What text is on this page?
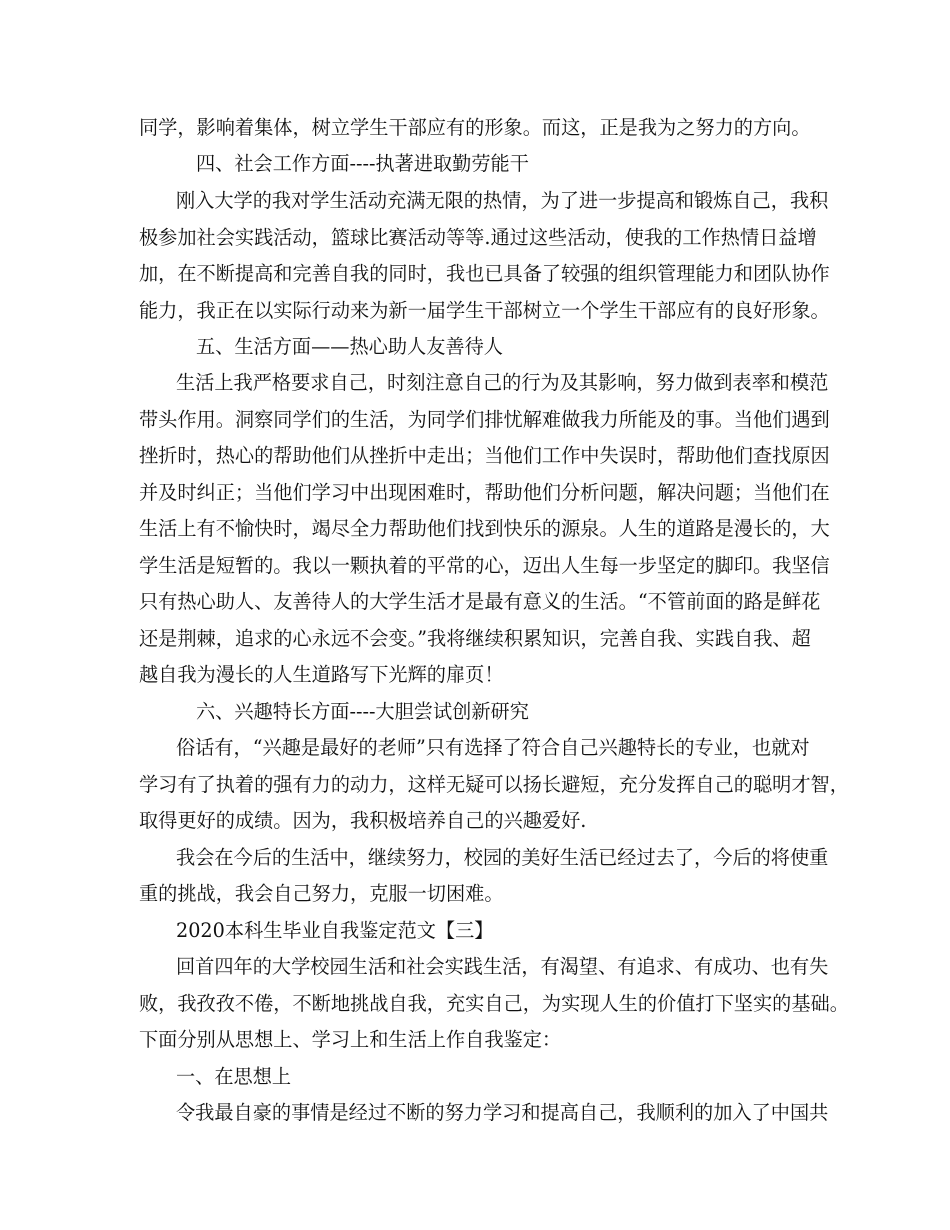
同学，影响着集体，树立学生干部应有的形象。而这，正是我为之努力的方向。
四、社会工作方面----执著进取勤劳能干
刚入大学的我对学生活动充满无限的热情，为了进一步提高和锻炼自己，我积
极参加社会实践活动，篮球比赛活动等等.通过这些活动，使我的工作热情日益增
加，在不断提高和完善自我的同时，我也已具备了较强的组织管理能力和团队协作
能力，我正在以实际行动来为新一届学生干部树立一个学生干部应有的良好形象。
五、生活方面——热心助人友善待人
生活上我严格要求自己，时刻注意自己的行为及其影响，努力做到表率和模范
带头作用。洞察同学们的生活，为同学们排忧解难做我力所能及的事。当他们遇到
挫折时，热心的帮助他们从挫折中走出；当他们工作中失误时，帮助他们查找原因
并及时纠正；当他们学习中出现困难时，帮助他们分析问题，解决问题；当他们在
生活上有不愉快时，竭尽全力帮助他们找到快乐的源泉。人生的道路是漫长的，大
学生活是短暂的。我以一颗执着的平常的心，迈出人生每一步坚定的脚印。我坚信
只有热心助人、友善待人的大学生活才是最有意义的生活。“不管前面的路是鲜花
还是荆棘，追求的心永远不会变。”我将继续积累知识，完善自我、实践自我、超
越自我为漫长的人生道路写下光辉的扉页！
六、兴趣特长方面----大胆尝试创新研究
俗话有，“兴趣是最好的老师”只有选择了符合自己兴趣特长的专业，也就对
学习有了执着的强有力的动力，这样无疑可以扬长避短，充分发挥自己的聪明才智，
取得更好的成绩。因为，我积极培养自己的兴趣爱好.
我会在今后的生活中，继续努力，校园的美好生活已经过去了，今后的将使重
重的挑战，我会自己努力，克服一切困难。
2020本科生毕业自我鉴定范文【三】
回首四年的大学校园生活和社会实践生活，有渴望、有追求、有成功、也有失
败，我孜孜不倦，不断地挑战自我，充实自己，为实现人生的价值打下坚实的基础。
下面分别从思想上、学习上和生活上作自我鉴定：
一、在思想上
令我最自豪的事情是经过不断的努力学习和提高自己，我顺利的加入了中国共
